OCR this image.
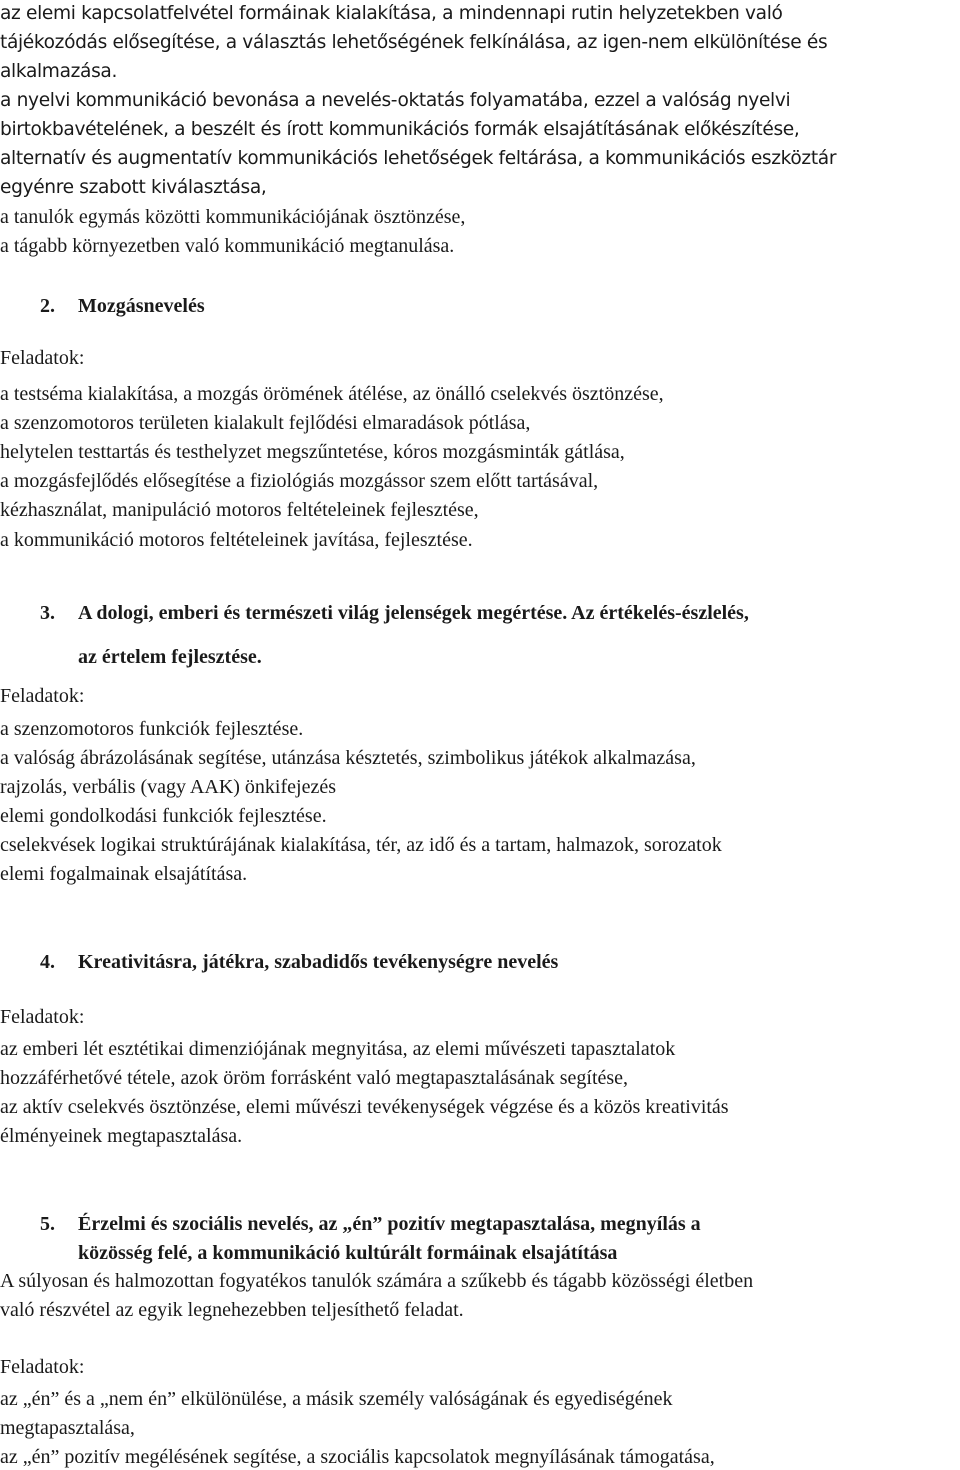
az elemi kapcsolatfelvétel formáinak kialakítása, a mindennapi rutin helyzetekben való
tájékozódás elősegítése, a választás lehetőségének felkínálása, az igen-nem elkülönítése és
alkalmazása.
a nyelvi kommunikáció bevonása a nevelés-oktatás folyamatába, ezzel a valóság nyelvi
birtokbavételének, a beszélt és írott kommunikációs formák elsajátításának előkészítése,
alternatív és augmentatív kommunikációs lehetőségek feltárása, a kommunikációs eszköztár
egyénre szabott kiválasztása,
a tanulók egymás közötti kommunikációjának ösztönzése,
a tágabb környezetben való kommunikáció megtanulása.
2. Mozgásnevelés
Feladatok:
a testséma kialakítása, a mozgás örömének átélése, az önálló cselekvés ösztönzése,
a szenzomotoros területen kialakult fejlődési elmaradások pótlása,
helytelen testtartás és testhelyzet megszűntetése, kóros mozgásminták gátlása,
a mozgásfejlődés elősegítése a fiziológiás mozgássor szem előtt tartásával,
kézhasználat, manipuláció motoros feltételeinek fejlesztése,
a kommunikáció motoros feltételeinek javítása, fejlesztése.
3. A dologi, emberi és természeti világ jelenségek megértése. Az értékelés-észlelés,
az értelem fejlesztése.
Feladatok:
a szenzomotoros funkciók fejlesztése.
a valóság ábrázolásának segítése, utánzása késztetés, szimbolikus játékok alkalmazása,
rajzolás, verbális (vagy AAK) önkifejezés
elemi gondolkodási funkciók fejlesztése.
cselekvések logikai struktúrájának kialakítása, tér, az idő és a tartam, halmazok, sorozatok
elemi fogalmainak elsajátítása.
4. Kreativitásra, játékra, szabadidős tevékenységre nevelés
Feladatok:
az emberi lét esztétikai dimenziójának megnyitása, az elemi művészeti tapasztalatok
hozzáférhetővé tétele, azok öröm forrásként való megtapasztalásának segítése,
az aktív cselekvés ösztönzése, elemi művészi tevékenységek végzése és a közös kreativitás
élményeinek megtapasztalása.
5. Érzelmi és szociális nevelés, az „én” pozitív megtapasztalása, megnyílás a
közösség felé, a kommunikáció kultúrált formáinak elsajátítása
A súlyosan és halmozottan fogyatékos tanulók számára a szűkebb és tágabb közösségi életben
való részvétel az egyik legnehezebben teljesíthető feladat.
Feladatok:
az „én” és a „nem én” elkülönülése, a másik személy valóságának és egyediségének
megtapasztalása,
az „én” pozitív megélésének segítése, a szociális kapcsolatok megnyílásának támogatása,
